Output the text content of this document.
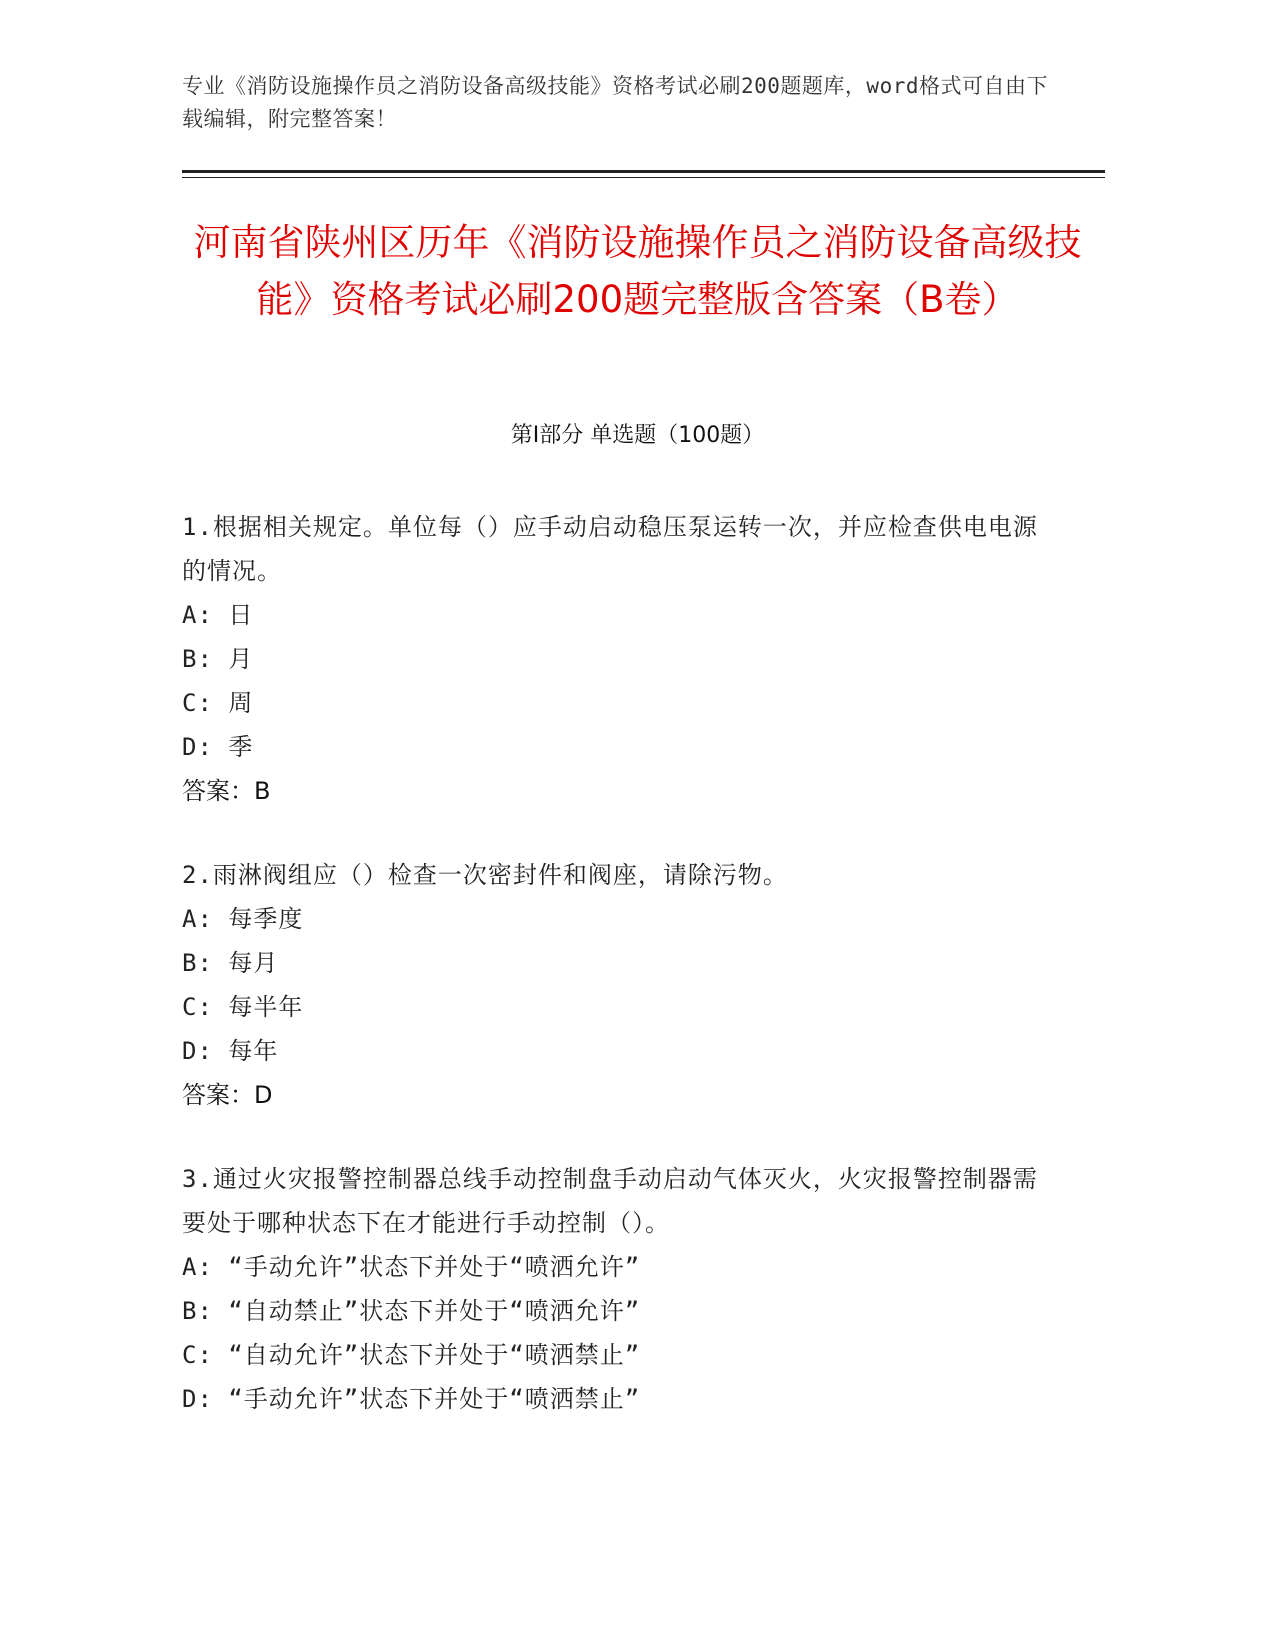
专业《消防设施操作员之消防设备高级技能》资格考试必刷200题题库，word格式可自由下载编辑，附完整答案！
河南省陕州区历年《消防设施操作员之消防设备高级技能》资格考试必刷200题完整版含答案（B卷）
第Ⅰ部分 单选题（100题）
1.根据相关规定。单位每（）应手动启动稳压泵运转一次，并应检查供电电源的情况。
A: 日
B: 月
C: 周
D: 季
答案：B
2.雨淋阀组应（）检查一次密封件和阀座，请除污物。
A: 每季度
B: 每月
C: 每半年
D: 每年
答案：D
3.通过火灾报警控制器总线手动控制盘手动启动气体灭火，火灾报警控制器需要处于哪种状态下在才能进行手动控制（）。
A: “手动允许”状态下并处于“喷洒允许”
B: “自动禁止”状态下并处于“喷洒允许”
C: “自动允许”状态下并处于“喷洒禁止”
D: “手动允许”状态下并处于“喷洒禁止”
